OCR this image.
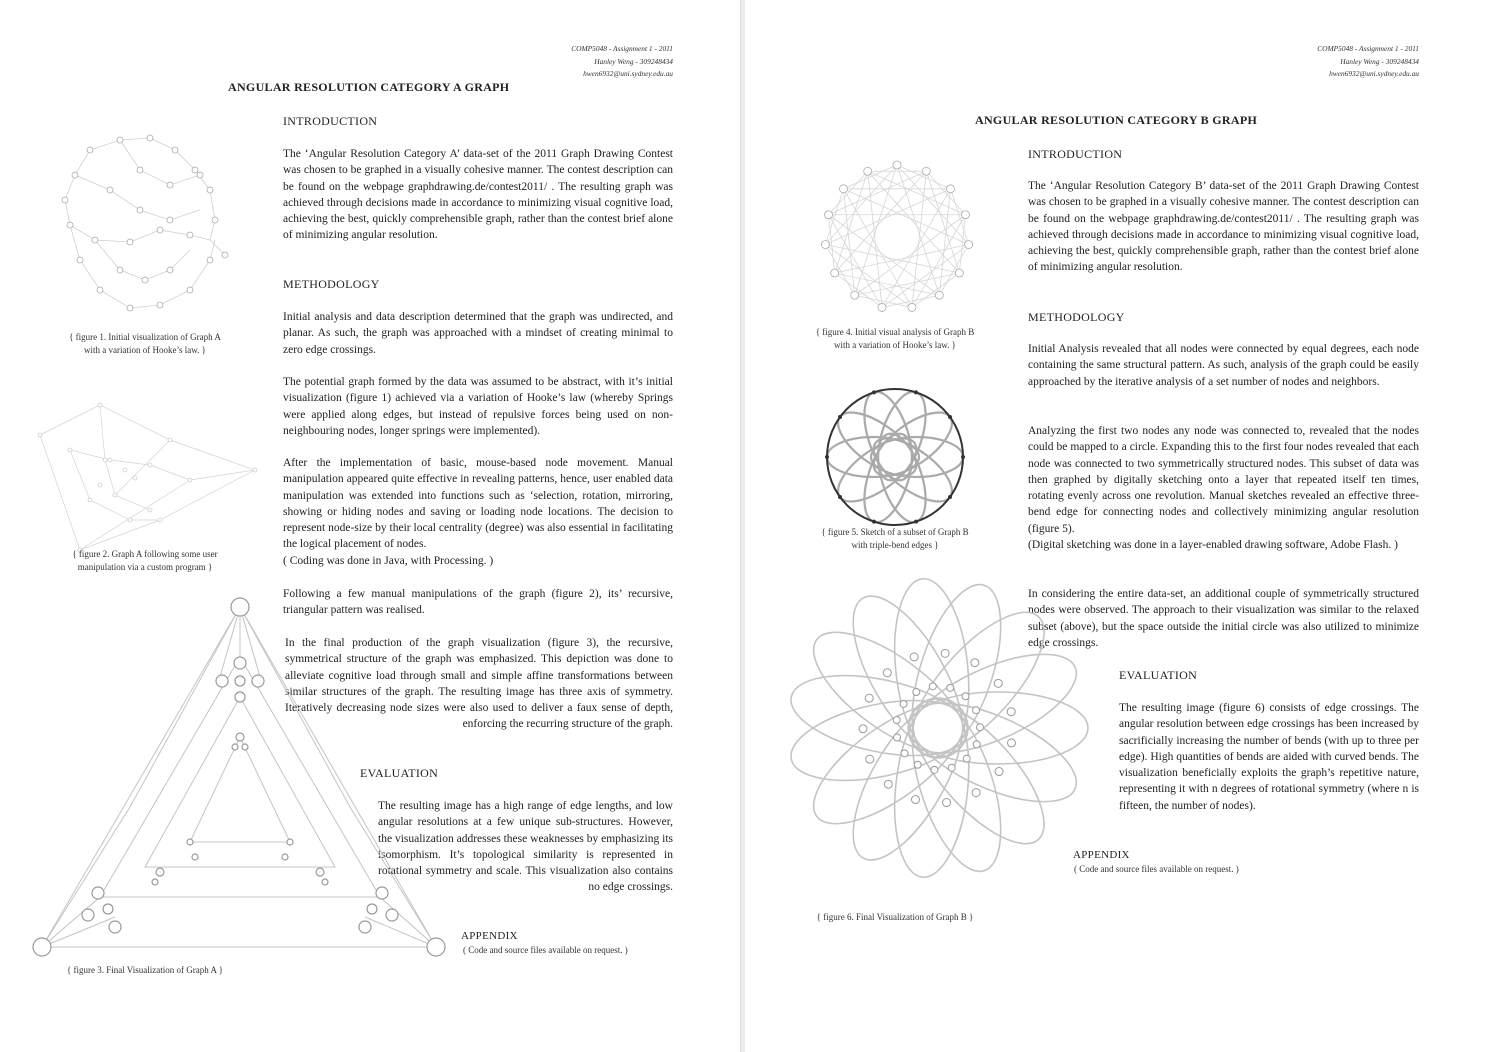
COMP5048 - Assignment 1 - 2011
Hanley Weng - 309248434
hwen6932@uni.sydney.edu.au
ANGULAR RESOLUTION CATEGORY A GRAPH
INTRODUCTION
The ‘Angular Resolution Category A’ data-set of the 2011 Graph Drawing Contest was chosen to be graphed in a visually cohesive manner. The contest description can be found on the webpage graphdrawing.de/contest2011/ . The resulting graph was achieved through decisions made in accordance to minimizing visual cognitive load, achieving the best, quickly comprehensible graph, rather than the contest brief alone of minimizing angular resolution.
METHODOLOGY
Initial analysis and data description determined that the graph was undirected, and planar. As such, the graph was approached with a mindset of creating minimal to zero edge crossings.
The potential graph formed by the data was assumed to be abstract, with it’s initial visualization (figure 1) achieved via a variation of Hooke’s law (whereby Springs were applied along edges, but instead of repulsive forces being used on non-neighbouring nodes, longer springs were implemented).
After the implementation of basic, mouse-based node movement. Manual manipulation appeared quite effective in revealing patterns, hence, user enabled data manipulation was extended into functions such as ‘selection, rotation, mirroring, showing or hiding nodes and saving or loading node locations. The decision to represent node-size by their local centrality (degree) was also essential in facilitating the logical placement of nodes.
( Coding was done in Java, with Processing. )
Following a few manual manipulations of the graph (figure 2), its’ recursive, triangular pattern was realised.
In the final production of the graph visualization (figure 3), the recursive, symmetrical structure of the graph was emphasized. This depiction was done to alleviate cognitive load through small and simple affine transformations between similar structures of the graph. The resulting image has three axis of symmetry. Iteratively decreasing node sizes were also used to deliver a faux sense of depth, enforcing the recurring structure of the graph.
EVALUATION
The resulting image has a high range of edge lengths, and low angular resolutions at a few unique sub-structures. However, the visualization addresses these weaknesses by emphasizing its isomorphism. It’s topological similarity is represented in rotational symmetry and scale. This visualization also contains no edge crossings.
APPENDIX
( Code and source files available on request. )
{ figure 1. Initial visualization of Graph A
with a variation of Hooke’s law. }
{ figure 2. Graph A following some user
manipulation via a custom program }
{ figure 3. Final Visualization of Graph A }
COMP5048 - Assignment 1 - 2011
Hanley Weng - 309248434
hwen6932@uni.sydney.edu.au
ANGULAR RESOLUTION CATEGORY B GRAPH
INTRODUCTION
The ‘Angular Resolution Category B’ data-set of the 2011 Graph Drawing Contest was chosen to be graphed in a visually cohesive manner. The contest description can be found on the webpage graphdrawing.de/contest2011/ . The resulting graph was achieved through decisions made in accordance to minimizing visual cognitive load, achieving the best, quickly comprehensible graph, rather than the contest brief alone of minimizing angular resolution.
METHODOLOGY
Initial Analysis revealed that all nodes were connected by equal degrees, each node containing the same structural pattern. As such, analysis of the graph could be easily approached by the iterative analysis of a set number of nodes and neighbors.
Analyzing the first two nodes any node was connected to, revealed that the nodes could be mapped to a circle. Expanding this to the first four nodes revealed that each node was connected to two symmetrically structured nodes. This subset of data was then graphed by digitally sketching onto a layer that repeated itself ten times, rotating evenly across one revolution. Manual sketches revealed an effective three-bend edge for connecting nodes and collectively minimizing angular resolution (figure 5).
(Digital sketching was done in a layer-enabled drawing software, Adobe Flash. )
In considering the entire data-set, an additional couple of symmetrically structured nodes were observed. The approach to their visualization was similar to the relaxed subset (above), but the space outside the initial circle was also utilized to minimize edge crossings.
EVALUATION
The resulting image (figure 6) consists of edge crossings. The angular resolution between edge crossings has been increased by sacrificially increasing the number of bends (with up to three per edge). High quantities of bends are aided with curved bends. The visualization beneficially exploits the graph’s repetitive nature, representing it with n degrees of rotational symmetry (where n is fifteen, the number of nodes).
APPENDIX
( Code and source files available on request. )
{ figure 4. Initial visual analysis of Graph B
with a variation of Hooke’s law. }
{ figure 5. Sketch of a subset of Graph B
with triple-bend edges }
{ figure 6. Final Visualization of Graph B }
